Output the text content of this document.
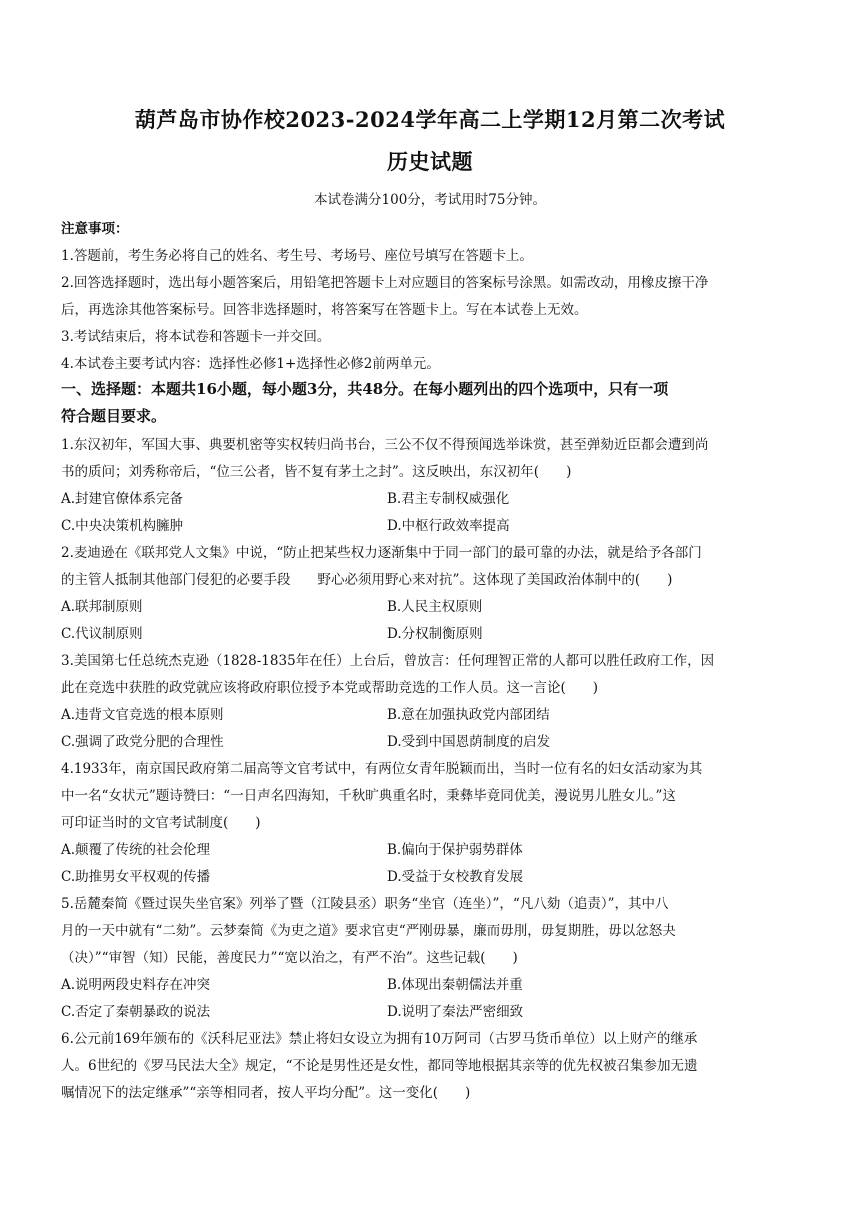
葫芦岛市协作校2023-2024学年高二上学期12月第二次考试
历史试题
本试卷满分100分，考试用时75分钟。
注意事项：
1.答题前，考生务必将自己的姓名、考生号、考场号、座位号填写在答题卡上。
2.回答选择题时，选出每小题答案后，用铅笔把答题卡上对应题目的答案标号涂黑。如需改动，用橡皮擦干净
后，再选涂其他答案标号。回答非选择题时，将答案写在答题卡上。写在本试卷上无效。
3.考试结束后，将本试卷和答题卡一并交回。
4.本试卷主要考试内容：选择性必修1+选择性必修2前两单元。
一、选择题：本题共16小题，每小题3分，共48分。在每小题列出的四个选项中，只有一项
符合题目要求。
1.东汉初年，军国大事、典要机密等实权转归尚书台，三公不仅不得预闻选举诛赏，甚至弹劾近臣都会遭到尚
书的质问；刘秀称帝后，“位三公者，皆不复有茅土之封”。这反映出，东汉初年(　　)
A.封建官僚体系完备	B.君主专制权威强化
C.中央决策机构臃肿	D.中枢行政效率提高
2.麦迪逊在《联邦党人文集》中说，“防止把某些权力逐渐集中于同一部门的最可靠的办法，就是给予各部门
的主管人抵制其他部门侵犯的必要手段　　野心必须用野心来对抗”。这体现了美国政治体制中的(　　)
A.联邦制原则	B.人民主权原则
C.代议制原则	D.分权制衡原则
3.美国第七任总统杰克逊（1828-1835年在任）上台后，曾放言：任何理智正常的人都可以胜任政府工作，因
此在竞选中获胜的政党就应该将政府职位授予本党或帮助竞选的工作人员。这一言论(　　)
A.违背文官竞选的根本原则	B.意在加强执政党内部团结
C.强调了政党分肥的合理性	D.受到中国恩荫制度的启发
4.1933年，南京国民政府第二届高等文官考试中，有两位女青年脱颖而出，当时一位有名的妇女活动家为其
中一名“女状元”题诗赞曰：“一日声名四海知，千秋旷典重名时，秉彝毕竟同优美，漫说男儿胜女儿。”这
可印证当时的文官考试制度(　　)
A.颠覆了传统的社会伦理	B.偏向于保护弱势群体
C.助推男女平权观的传播	D.受益于女校教育发展
5.岳麓秦简《暨过误失坐官案》列举了暨（江陵县丞）职务“坐官（连坐）”，“凡八劾（追责）”，其中八
月的一天中就有“二劾”。云梦秦简《为吏之道》要求官吏“严刚毋暴，廉而毋刖，毋复期胜，毋以忿怒夬
（决）”“审智（知）民能，善度民力”“宽以治之，有严不治”。这些记载(　　)
A.说明两段史料存在冲突	B.体现出秦朝儒法并重
C.否定了秦朝暴政的说法	D.说明了秦法严密细致
6.公元前169年颁布的《沃科尼亚法》禁止将妇女设立为拥有10万阿司（古罗马货币单位）以上财产的继承
人。6世纪的《罗马民法大全》规定，“不论是男性还是女性，都同等地根据其亲等的优先权被召集参加无遗
嘱情况下的法定继承”“亲等相同者，按人平均分配”。这一变化(　　)
